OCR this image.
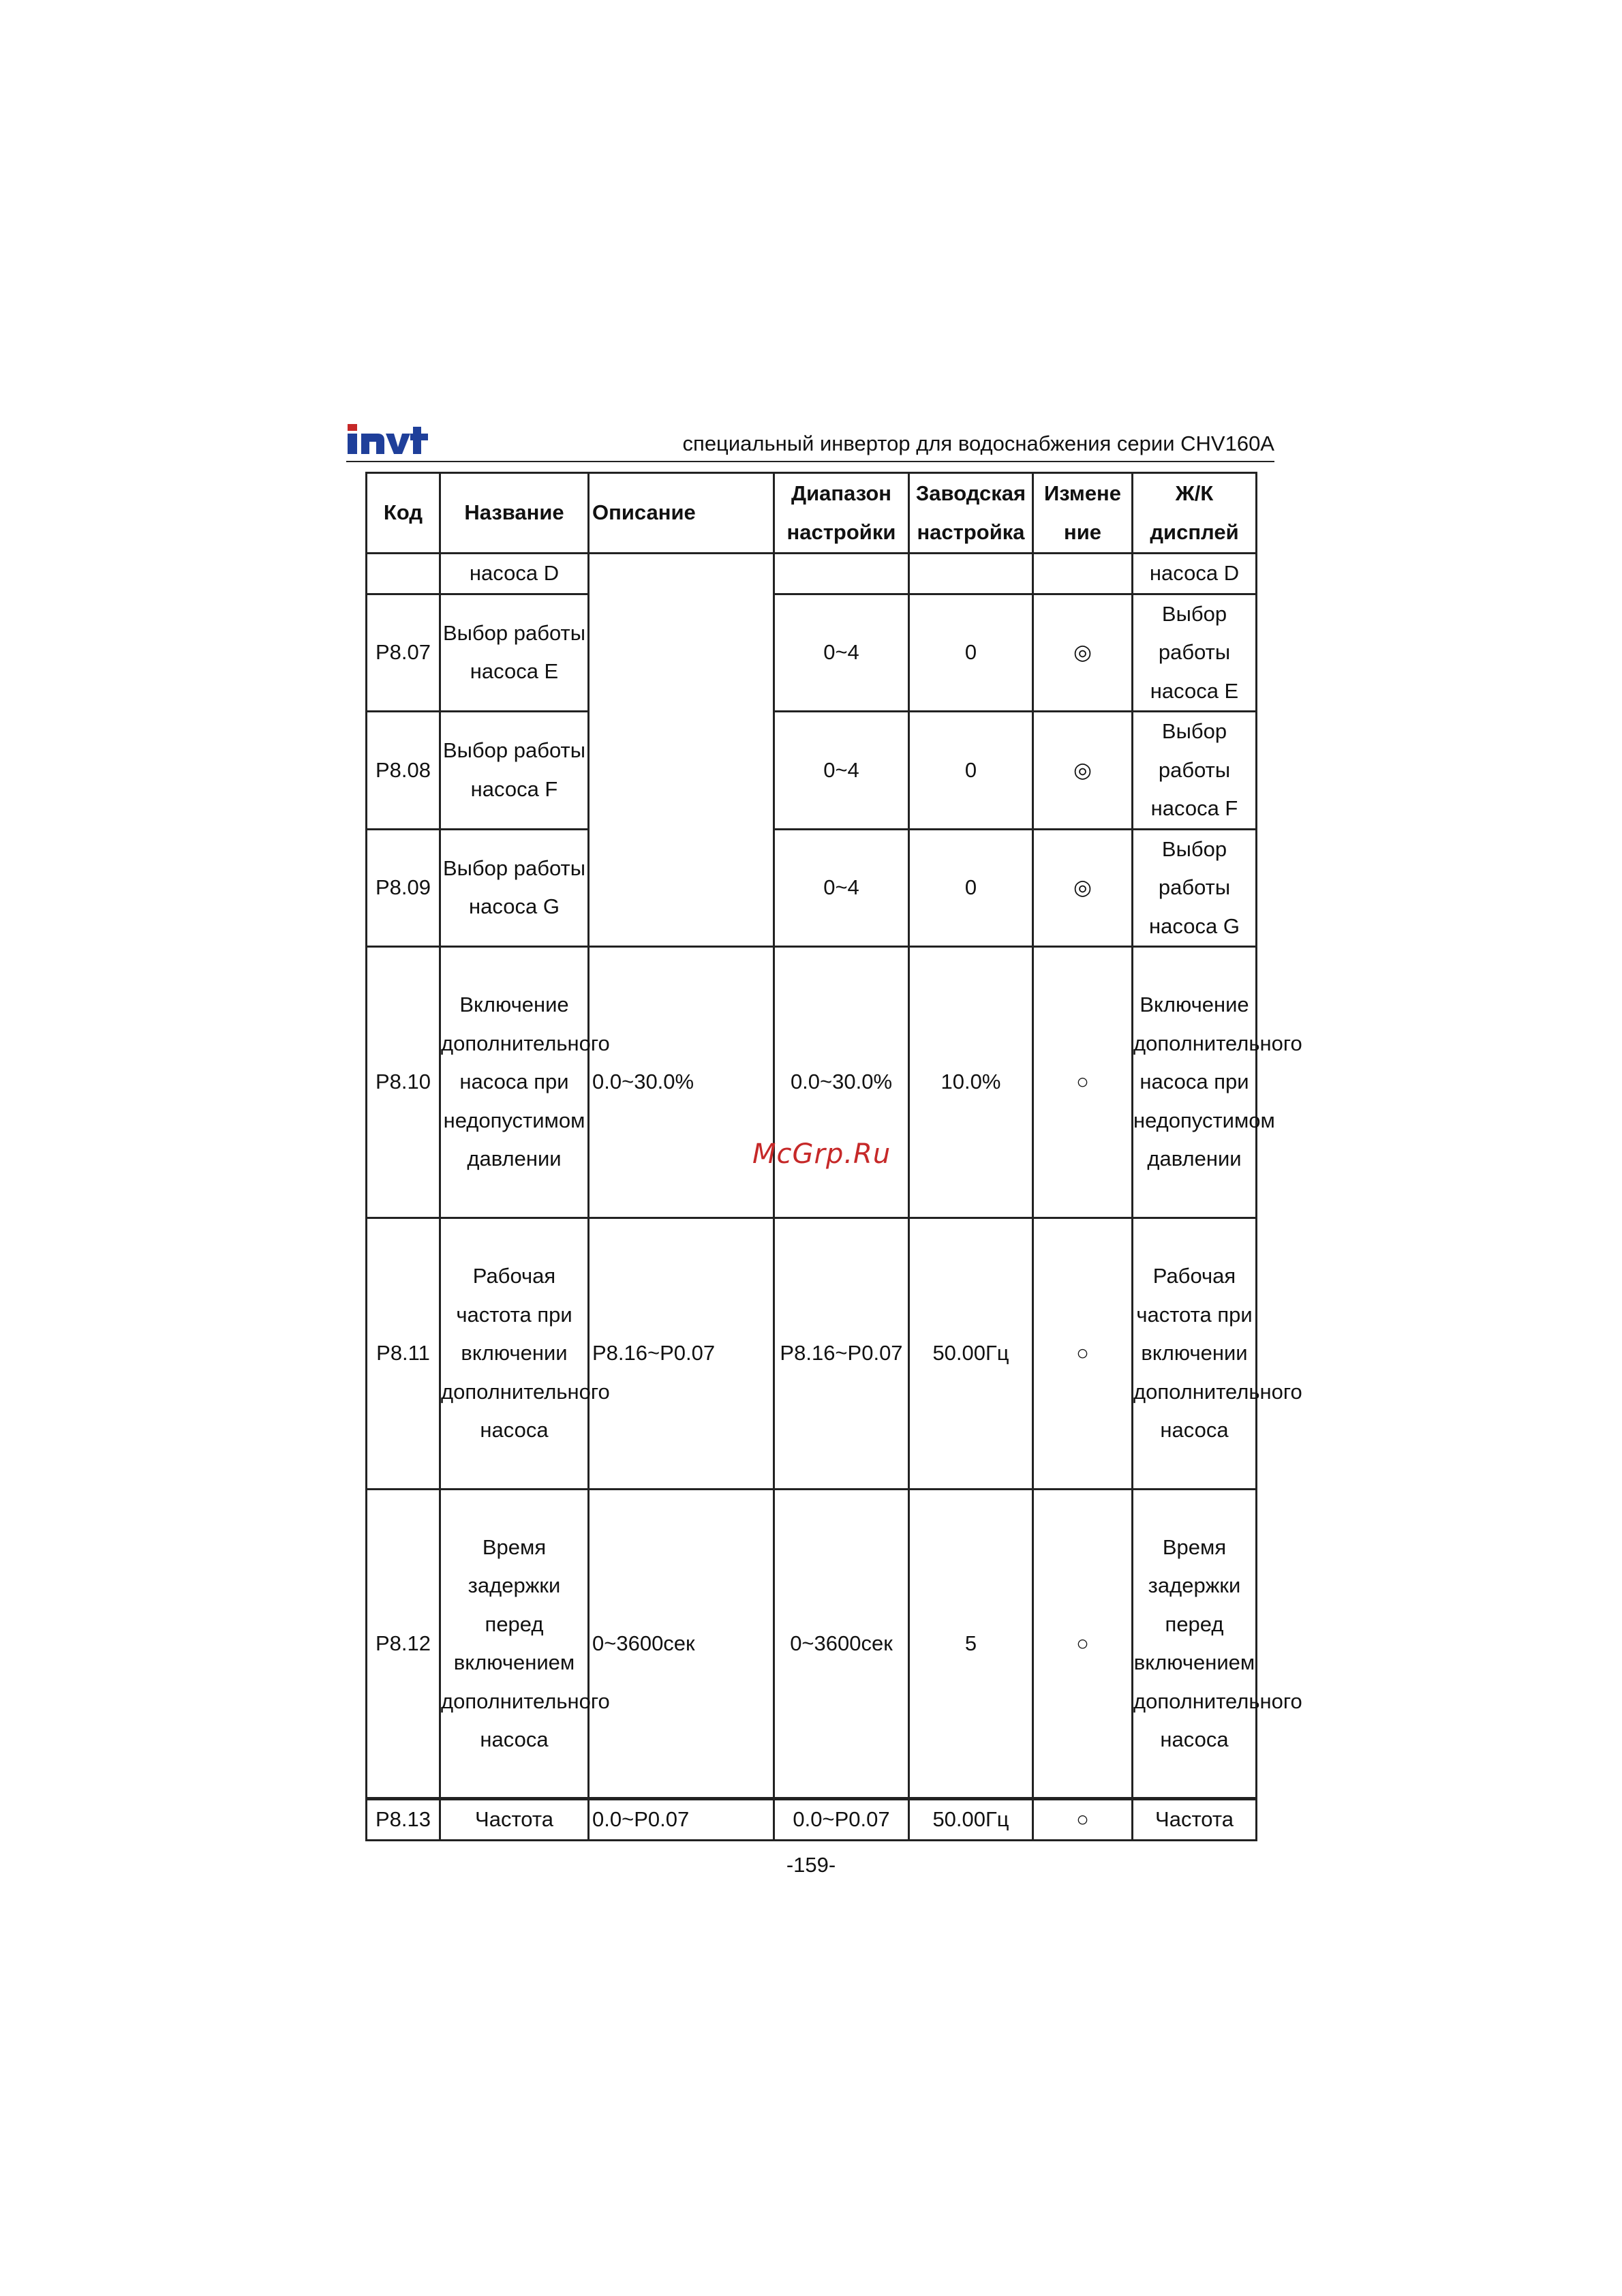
специальный инвертор для водоснабжения серии CHV160A
Код	Название	Описание	Диапазон настройки	Заводская настройка	Измене ние	Ж/К дисплей
	насоса D					насоса D
P8.07	Выбор работы насоса E		0~4	0	◎	Выбор работы насоса E
P8.08	Выбор работы насоса F		0~4	0	◎	Выбор работы насоса F
P8.09	Выбор работы насоса G		0~4	0	◎	Выбор работы насоса G
P8.10	Включение дополнительного насоса при недопустимом давлении	0.0~30.0%	0.0~30.0%	10.0%	○	Включение дополнительного насоса при недопустимом давлении
P8.11	Рабочая частота при включении дополнительного насоса	P8.16~P0.07	P8.16~P0.07	50.00Гц	○	Рабочая частота при включении дополнительного насоса
P8.12	Время задержки перед включением дополнительного насоса	0~3600сек	0~3600сек	5	○	Время задержки перед включением дополнительного насоса
P8.13	Частота	0.0~P0.07	0.0~P0.07	50.00Гц	○	Частота
McGrp.Ru
-159-
